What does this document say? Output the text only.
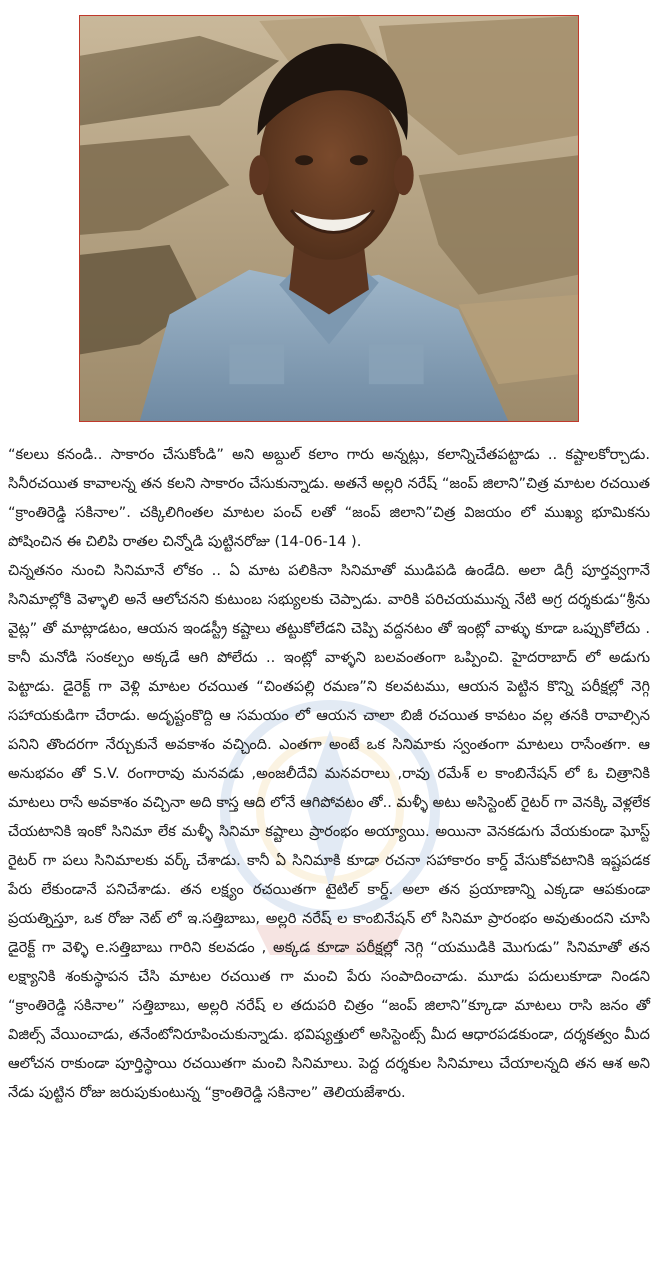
“కలలు కనండి.. సాకారం చేసుకోండి” అని అబ్దుల్ కలాం గారు అన్నట్లు, కలాన్నిచేతపట్టాడు .. కష్టాలకోర్చాడు. సినీరచయిత కావాలన్న తన కలని సాకారం చేసుకున్నాడు. అతనే అల్లరి నరేష్ “జంప్ జిలాని”చిత్ర మాటల రచయిత “క్రాంతిరెడ్డి సకినాల”. చక్కిలిగింతల మాటల పంచ్ లతో “జంప్ జిలాని”చిత్ర విజయం లో ముఖ్య భూమికను పోషించిన ఈ చిలిపి రాతల చిన్నోడి పుట్టినరోజు (14-06-14 ).

చిన్నతనం నుంచి సినిమానే లోకం .. ఏ మాట పలికినా సినిమాతో ముడిపడి ఉండేది. అలా డిగ్రీ పూర్తవ్వగానే సినిమాల్లోకి వెళ్ళాలి అనే ఆలోచనని కుటుంబ సభ్యులకు చెప్పాడు. వారికి పరిచయమున్న నేటి అగ్ర దర్శకుడు“శ్రీను వైట్ల” తో మాట్లాడటం, ఆయన ఇండస్ట్రీ కష్టాలు తట్టుకోలేడని చెప్పి వద్దనటం తో ఇంట్లో వాళ్ళు కూడా ఒప్పుకోలేదు . కానీ మనోడి సంకల్పం అక్కడే ఆగి పోలేదు .. ఇంట్లో వాళ్ళని బలవంతంగా ఒప్పించి. హైదరాబాద్ లో అడుగు పెట్టాడు. డైరెక్ట్ గా వెళ్లి మాటల రచయిత “చింతపల్లి రమణ”ని కలవటము, ఆయన పెట్టిన కొన్ని పరీక్షల్లో నెగ్గి సహాయకుడిగా చేరాడు. అదృష్టంకొద్ది ఆ సమయం లో ఆయన చాలా బిజీ రచయిత కావటం వల్ల తనకి రావాల్సిన పనిని తొందరగా నేర్చుకునే అవకాశం వచ్చింది. ఎంతగా అంటే ఒక సినిమాకు స్వంతంగా మాటలు రాసేంతగా. ఆ అనుభవం తో S.V. రంగారావు మనవడు ,అంజలీదేవి మనవరాలు ,రావు రమేశ్ ల కాంబినేషన్ లో ఓ చిత్రానికి మాటలు రాసే అవకాశం వచ్చినా అది కాస్త ఆది లోనే ఆగిపోవటం తో.. మళ్ళీ అటు అసిస్టెంట్ రైటర్ గా వెనక్కి వెళ్లలేక చేయటానికి ఇంకో సినిమా లేక మళ్ళీ సినిమా కష్టాలు ప్రారంభం అయ్యాయి. అయినా వెనకడుగు వేయకుండా ఘోస్ట్ రైటర్ గా పలు సినిమాలకు వర్క్ చేశాడు. కానీ ఏ సినిమాకి కూడా రచనా సహాకారం కార్డ్ వేసుకోవటానికి ఇష్టపడక పేరు లేకుండానే పనిచేశాడు. తన లక్ష్యం రచయితగా టైటిల్ కార్డ్. అలా తన ప్రయాణాన్ని ఎక్కడా ఆపకుండా ప్రయత్నిస్తూ, ఒక రోజు నెట్ లో ఇ.సత్తిబాబు, అల్లరి నరేష్ ల కాంబినేషన్ లో సినిమా ప్రారంభం అవుతుందని చూసి డైరెక్ట్ గా వెళ్ళి e.సత్తిబాబు గారిని కలవడం , అక్కడ కూడా పరీక్షల్లో నెగ్గి “యముడికి మొగుడు” సినిమాతో తన లక్ష్యానికి శంకుస్థాపన చేసి మాటల రచయిత గా మంచి పేరు సంపాదించాడు. మూడు పదులుకూడా నిండని “క్రాంతిరెడ్డి సకినాల” సత్తిబాబు, అల్లరి నరేష్ ల తదుపరి చిత్రం “జంప్ జిలాని”క్కూడా మాటలు రాసి జనం తో విజిల్స్ వేయించాడు, తనేంటోనిరూపించుకున్నాడు. భవిష్యత్తులో అసిస్టెంట్స్ మీద ఆధారపడకుండా, దర్శకత్వం మీద ఆలోచన రాకుండా పూర్తిస్థాయి రచయితగా మంచి సినిమాలు. పెద్ద దర్శకుల సినిమాలు చేయాలన్నది తన ఆశ అని నేడు పుట్టిన రోజు జరుపుకుంటున్న “క్రాంతిరెడ్డి సకినాల” తెలియజేశారు.
